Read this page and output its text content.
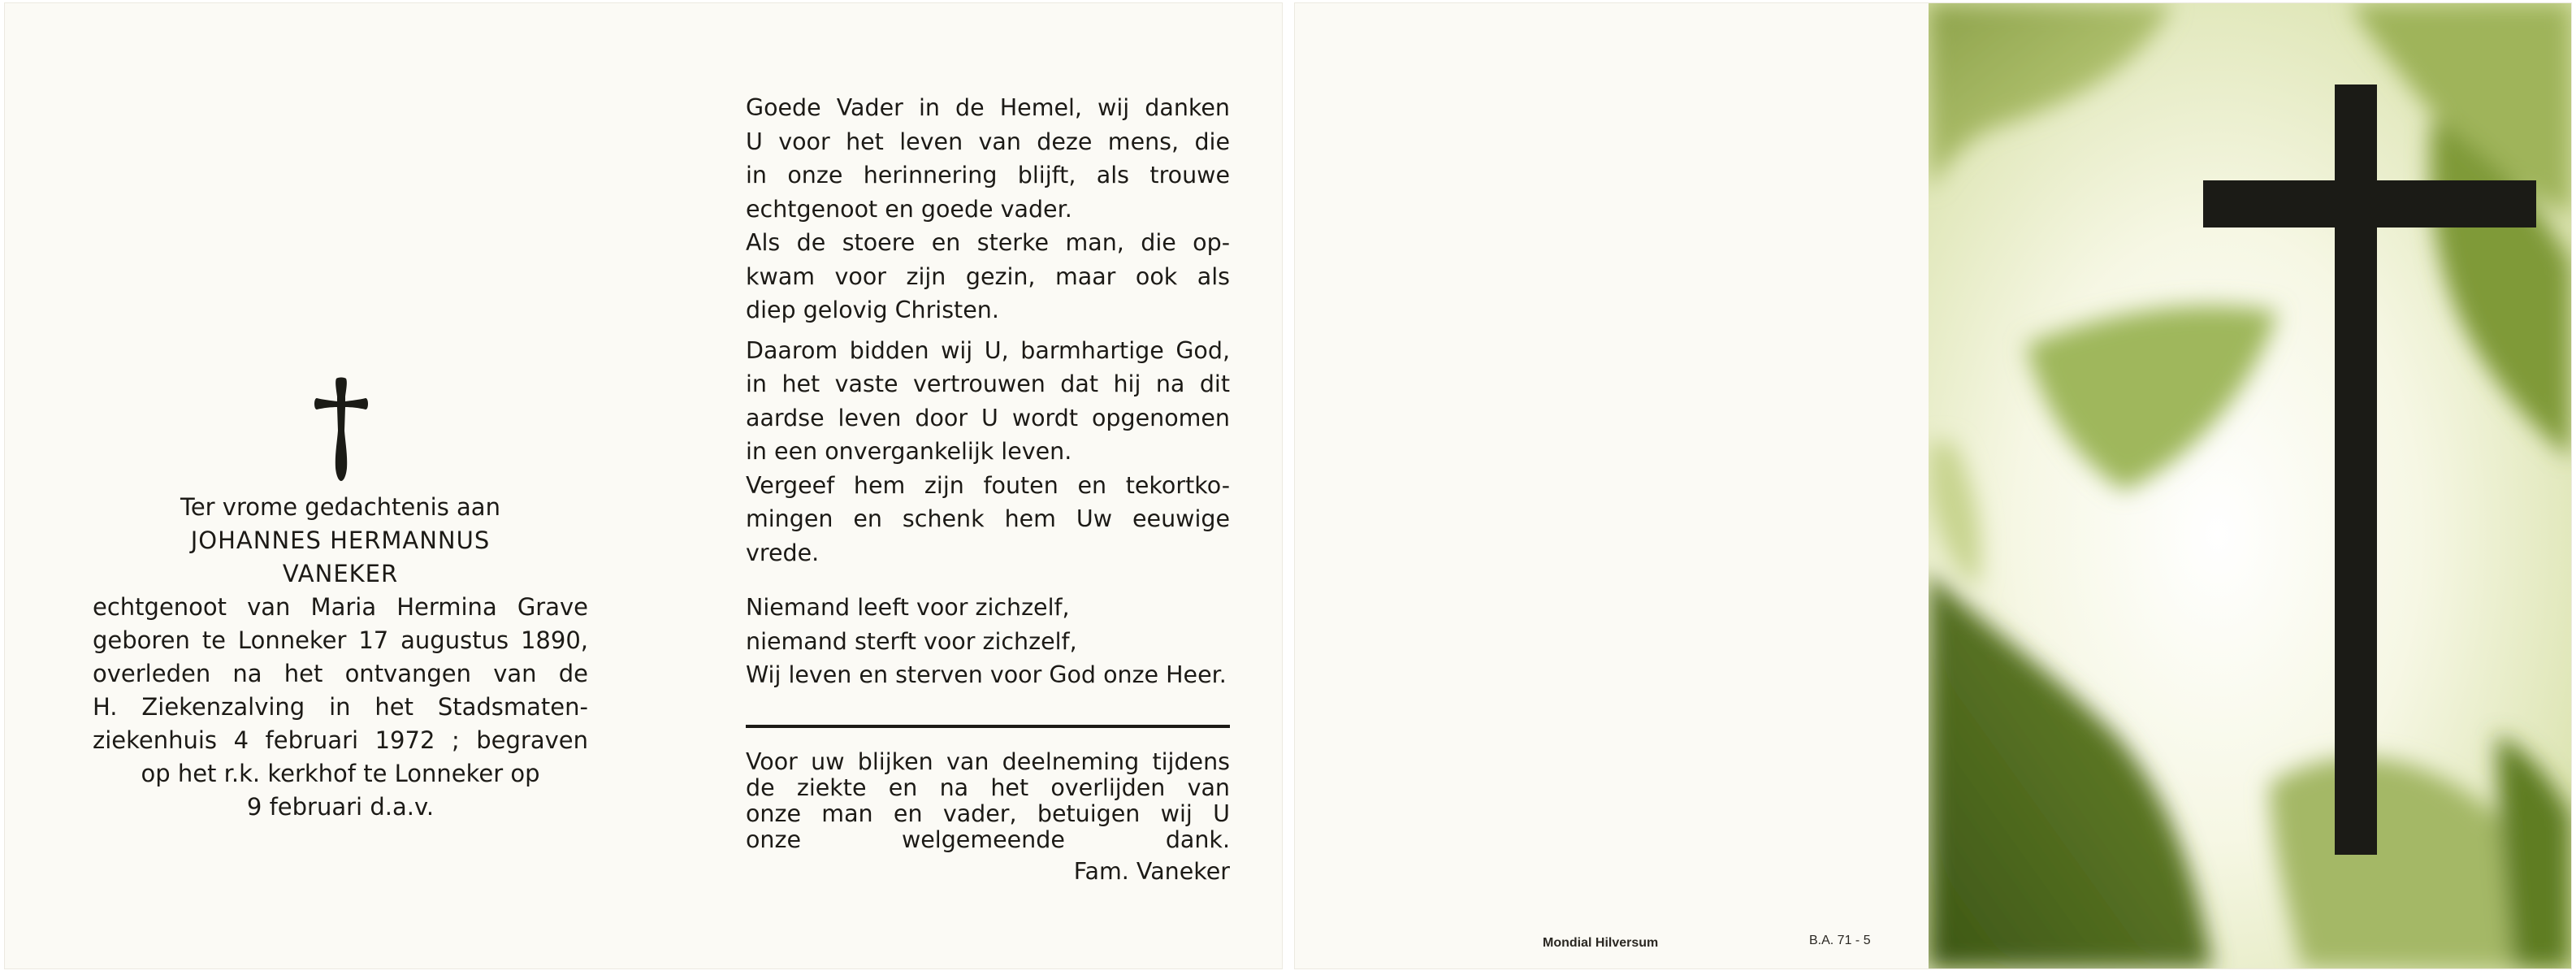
Ter vrome gedachtenis aan
JOHANNES HERMANNUS
VANEKER
echtgenoot van Maria Hermina Grave
geboren te Lonneker 17 augustus 1890,
overleden na het ontvangen van de
H. Ziekenzalving in het Stadsmaten-
ziekenhuis 4 februari 1972 ; begraven
op het r.k. kerkhof te Lonneker op
9 februari d.a.v.
Goede Vader in de Hemel, wij danken
U voor het leven van deze mens, die
in onze herinnering blijft, als trouwe
echtgenoot en goede vader.
Als de stoere en sterke man, die op-
kwam voor zijn gezin, maar ook als
diep gelovig Christen.
Daarom bidden wij U, barmhartige God,
in het vaste vertrouwen dat hij na dit
aardse leven door U wordt opgenomen
in een onvergankelijk leven.
Vergeef hem zijn fouten en tekortko-
mingen en schenk hem Uw eeuwige
vrede.
Niemand leeft voor zichzelf,
niemand sterft voor zichzelf,
Wij leven en sterven voor God onze Heer.
Voor uw blijken van deelneming tijdens
de ziekte en na het overlijden van
onze man en vader, betuigen wij U
onze welgemeende dank.
Fam. Vaneker
Mondial Hilversum	B.A. 71 - 5
